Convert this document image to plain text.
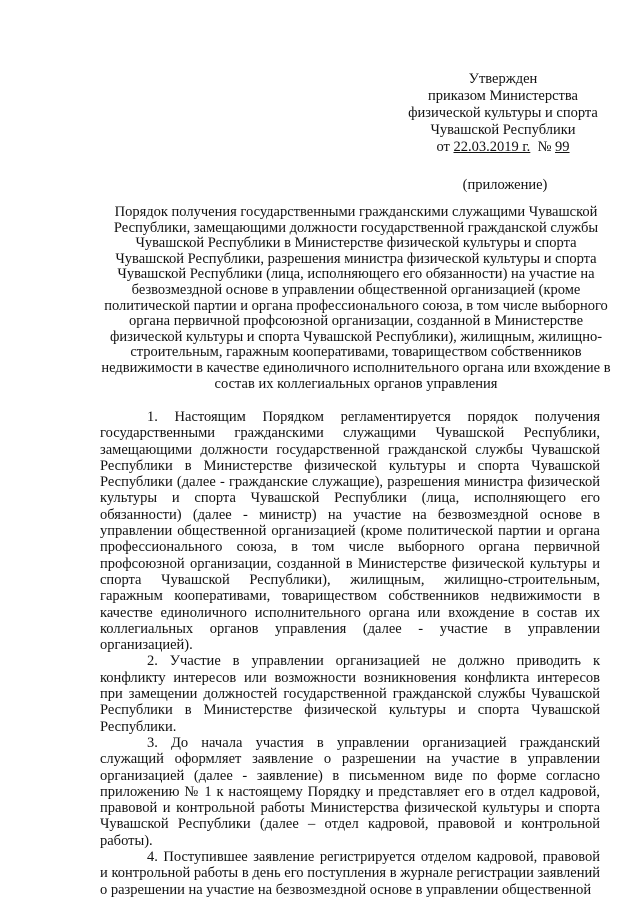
Утвержден
приказом Министерства
физической культуры и спорта
Чувашской Республики
от 22.03.2019 г.  № 99
(приложение)
Порядок получения государственными гражданскими служащими Чувашской Республики, замещающими должности государственной гражданской службы Чувашской Республики в Министерстве физической культуры и спорта Чувашской Республики, разрешения министра физической культуры и спорта Чувашской Республики (лица, исполняющего его обязанности) на участие на безвозмездной основе в управлении общественной организацией (кроме политической партии и органа профессионального союза, в том числе выборного органа первичной профсоюзной организации, созданной в Министерстве физической культуры и спорта Чувашской Республики), жилищным, жилищно-строительным, гаражным кооперативами, товариществом собственников недвижимости в качестве единоличного исполнительного органа или вхождение в состав их коллегиальных органов управления

1. Настоящим Порядком регламентируется порядок получения государственными гражданскими служащими Чувашской Республики, замещающими должности государственной гражданской службы Чувашской Республики в Министерстве физической культуры и спорта Чувашской Республики (далее - гражданские служащие), разрешения министра физической культуры и спорта Чувашской Республики (лица, исполняющего его обязанности) (далее - министр) на участие на безвозмездной основе в управлении общественной организацией (кроме политической партии и органа профессионального союза, в том числе выборного органа первичной профсоюзной организации, созданной в Министерстве физической культуры и спорта Чувашской Республики), жилищным, жилищно-строительным, гаражным кооперативами, товариществом собственников недвижимости в качестве единоличного исполнительного органа или вхождение в состав их коллегиальных органов управления (далее - участие в управлении организацией).

2. Участие в управлении организацией не должно приводить к конфликту интересов или возможности возникновения конфликта интересов при замещении должностей государственной гражданской службы Чувашской Республики в Министерстве физической культуры и спорта Чувашской Республики.

3. До начала участия в управлении организацией гражданский служащий оформляет заявление о разрешении на участие в управлении организацией (далее - заявление) в письменном виде по форме согласно приложению № 1 к настоящему Порядку и представляет его в отдел кадровой, правовой и контрольной работы Министерства физической культуры и спорта Чувашской Республики (далее – отдел кадровой, правовой и контрольной работы).

4. Поступившее заявление регистрируется отделом кадровой, правовой и контрольной работы в день его поступления в журнале регистрации заявлений о разрешении на участие на безвозмездной основе в управлении общественной
